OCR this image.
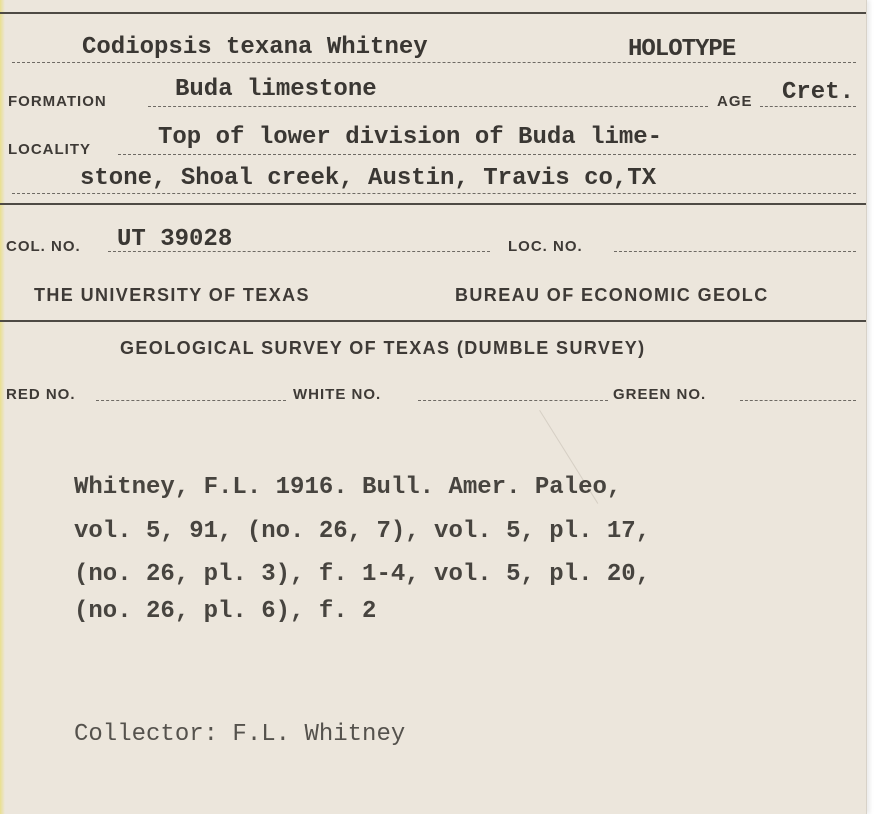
Codiopsis texana Whitney	HOLOTYPE
FORMATION	Buda limestone	AGE Cret.
LOCALITY	Top of lower division of Buda lime-
stone, Shoal creek, Austin, Travis co,TX
COL. NO. UT 39028	LOC. NO.
THE UNIVERSITY OF TEXAS	BUREAU OF ECONOMIC GEOLC
GEOLOGICAL SURVEY OF TEXAS (DUMBLE SURVEY)
RED NO.	WHITE NO.	GREEN NO.
Whitney, F.L. 1916. Bull. Amer. Paleo,
vol. 5, 91, (no. 26, 7), vol. 5, pl. 17,
(no. 26, pl. 3), f. 1-4, vol. 5, pl. 20,
(no. 26, pl. 6), f. 2
Collector: F.L. Whitney
